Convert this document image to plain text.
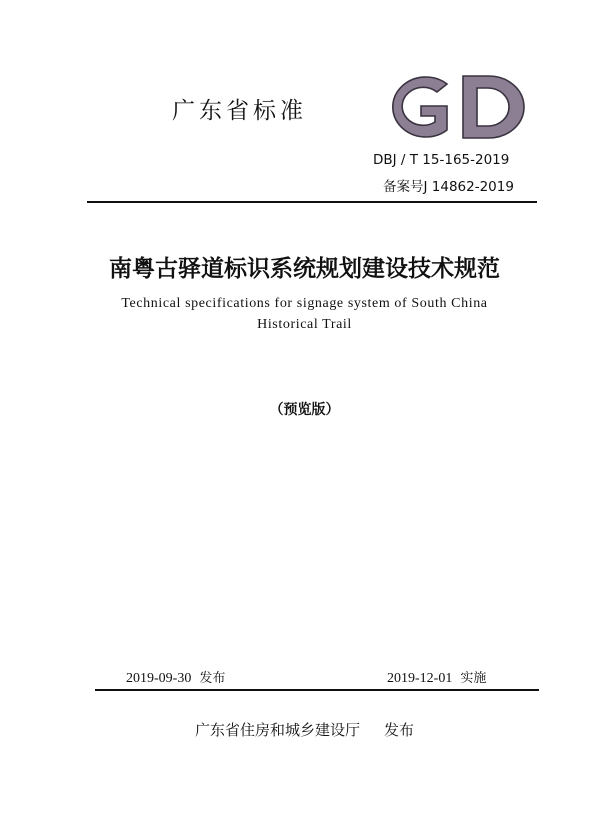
广东省标准
DBJ / T 15-165-2019
备案号J 14862-2019
南粤古驿道标识系统规划建设技术规范
Technical specifications for signage system of South China
Historical Trail
（预览版）
2019-09-30 发布	2019-12-01 实施
广东省住房和城乡建设厅 发布
